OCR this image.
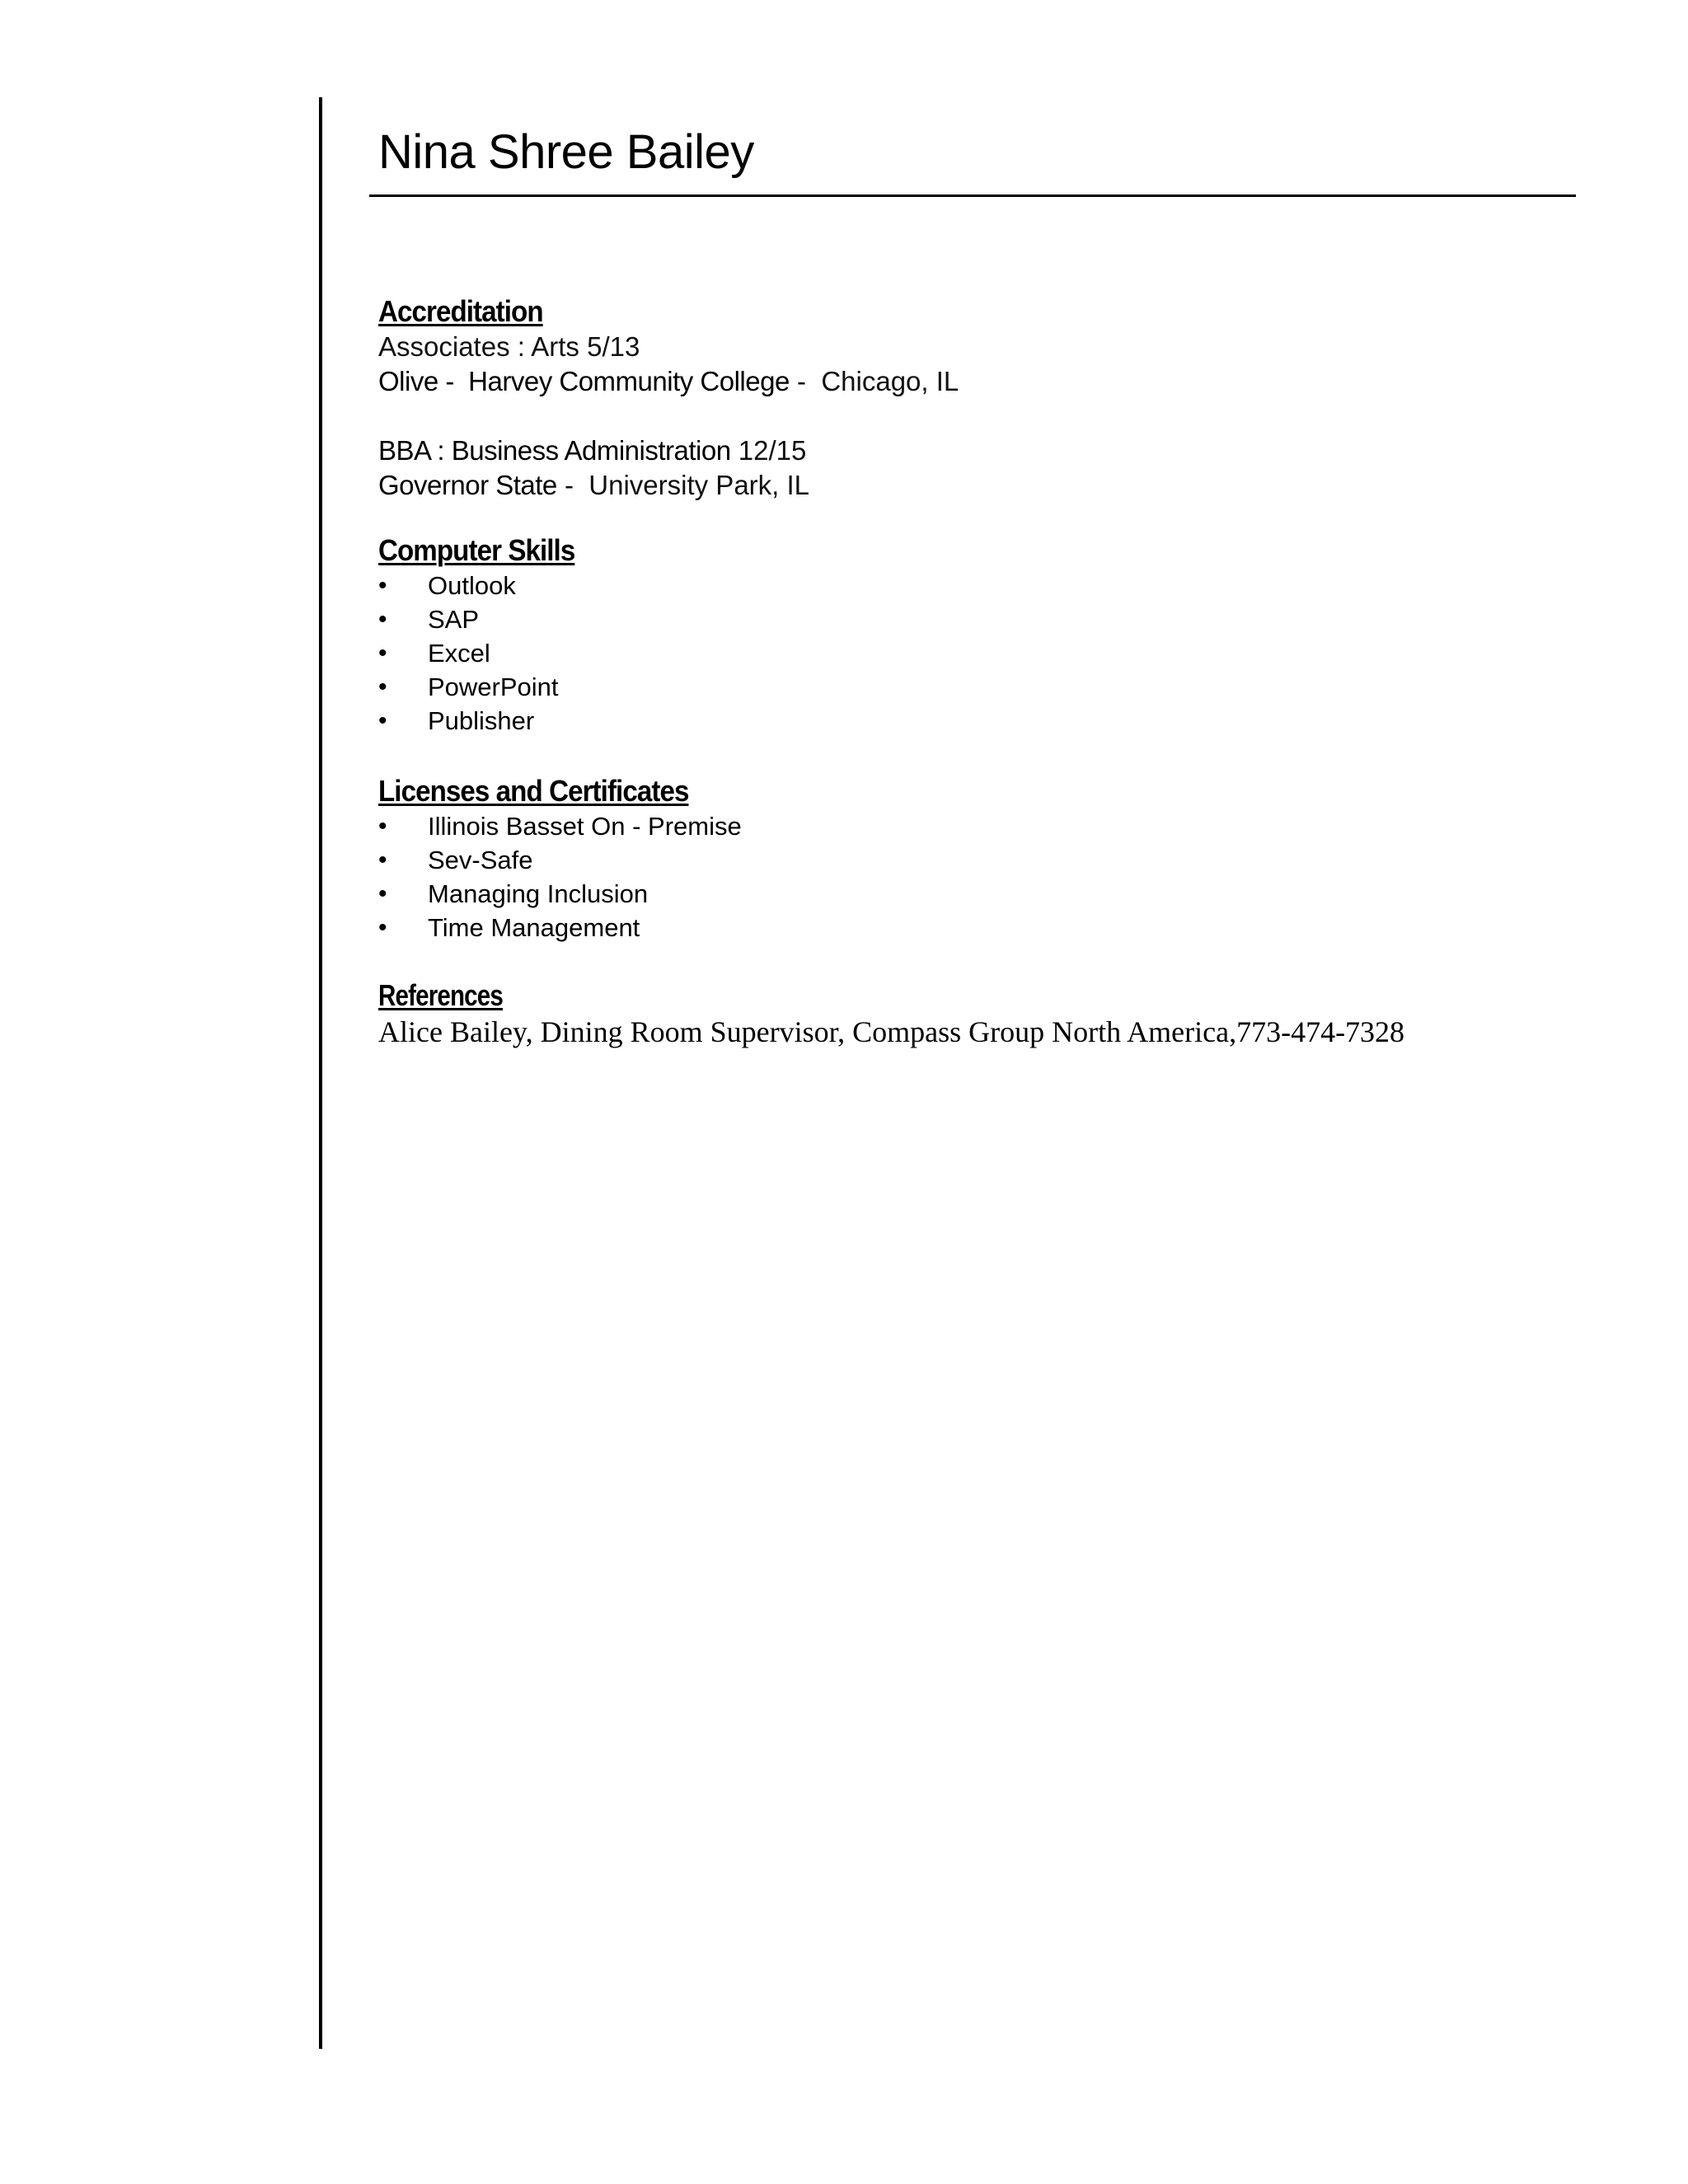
Nina Shree Bailey
Accreditation
Associates : Arts 5/13
Olive -  Harvey Community College -  Chicago, IL
BBA : Business Administration 12/15
Governor State -  University Park, IL
Computer Skills
• Outlook
• SAP
• Excel
• PowerPoint
• Publisher
Licenses and Certificates
• Illinois Basset On - Premise
• Sev-Safe
• Managing Inclusion
• Time Management
References
Alice Bailey, Dining Room Supervisor, Compass Group North America,773-474-7328
